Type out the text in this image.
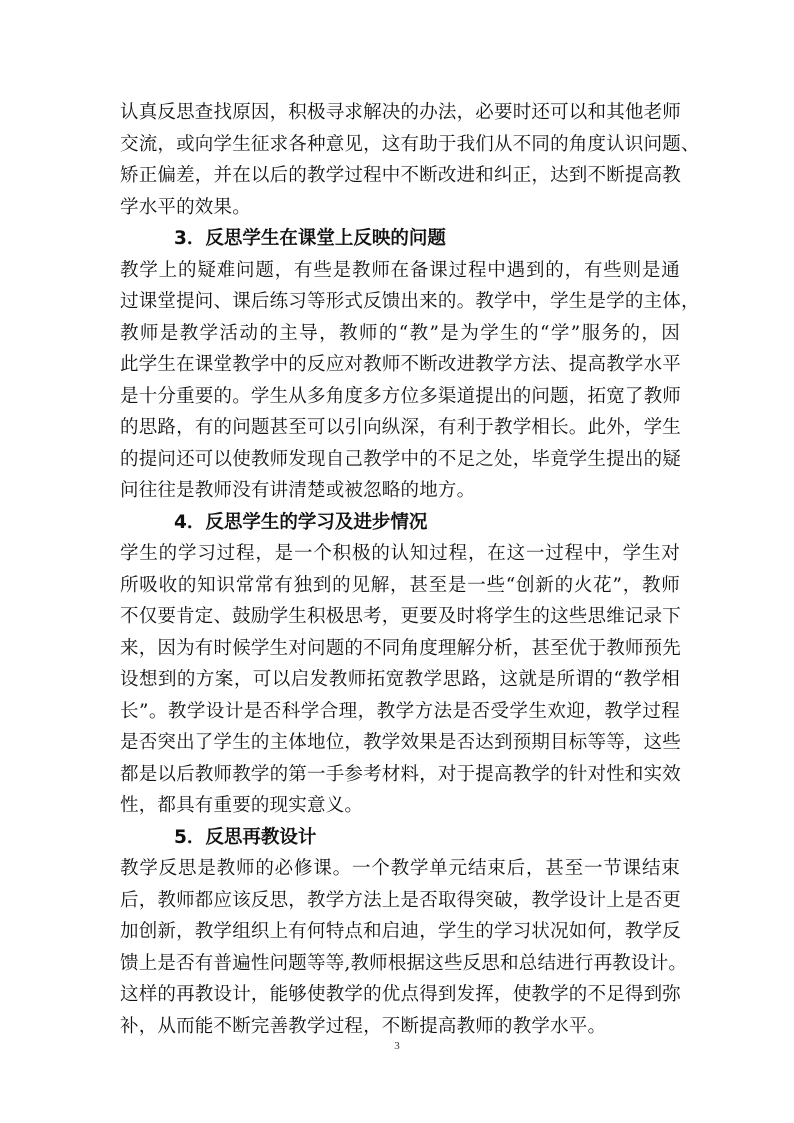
认真反思查找原因，积极寻求解决的办法，必要时还可以和其他老师
交流，或向学生征求各种意见，这有助于我们从不同的角度认识问题、
矫正偏差，并在以后的教学过程中不断改进和纠正，达到不断提高教
学水平的效果。
3．反思学生在课堂上反映的问题
教学上的疑难问题，有些是教师在备课过程中遇到的，有些则是通
过课堂提问、课后练习等形式反馈出来的。教学中，学生是学的主体，
教师是教学活动的主导，教师的“教”是为学生的“学”服务的，因
此学生在课堂教学中的反应对教师不断改进教学方法、提高教学水平
是十分重要的。学生从多角度多方位多渠道提出的问题，拓宽了教师
的思路，有的问题甚至可以引向纵深，有利于教学相长。此外，学生
的提问还可以使教师发现自己教学中的不足之处，毕竟学生提出的疑
问往往是教师没有讲清楚或被忽略的地方。
4．反思学生的学习及进步情况
学生的学习过程，是一个积极的认知过程，在这一过程中，学生对
所吸收的知识常常有独到的见解，甚至是一些“创新的火花”，教师
不仅要肯定、鼓励学生积极思考，更要及时将学生的这些思维记录下
来，因为有时候学生对问题的不同角度理解分析，甚至优于教师预先
设想到的方案，可以启发教师拓宽教学思路，这就是所谓的“教学相
长”。教学设计是否科学合理，教学方法是否受学生欢迎，教学过程
是否突出了学生的主体地位，教学效果是否达到预期目标等等，这些
都是以后教师教学的第一手参考材料，对于提高教学的针对性和实效
性，都具有重要的现实意义。
5．反思再教设计
教学反思是教师的必修课。一个教学单元结束后，甚至一节课结束
后，教师都应该反思，教学方法上是否取得突破，教学设计上是否更
加创新，教学组织上有何特点和启迪，学生的学习状况如何，教学反
馈上是否有普遍性问题等等,教师根据这些反思和总结进行再教设计。
这样的再教设计，能够使教学的优点得到发挥，使教学的不足得到弥
补，从而能不断完善教学过程，不断提高教师的教学水平。
3
